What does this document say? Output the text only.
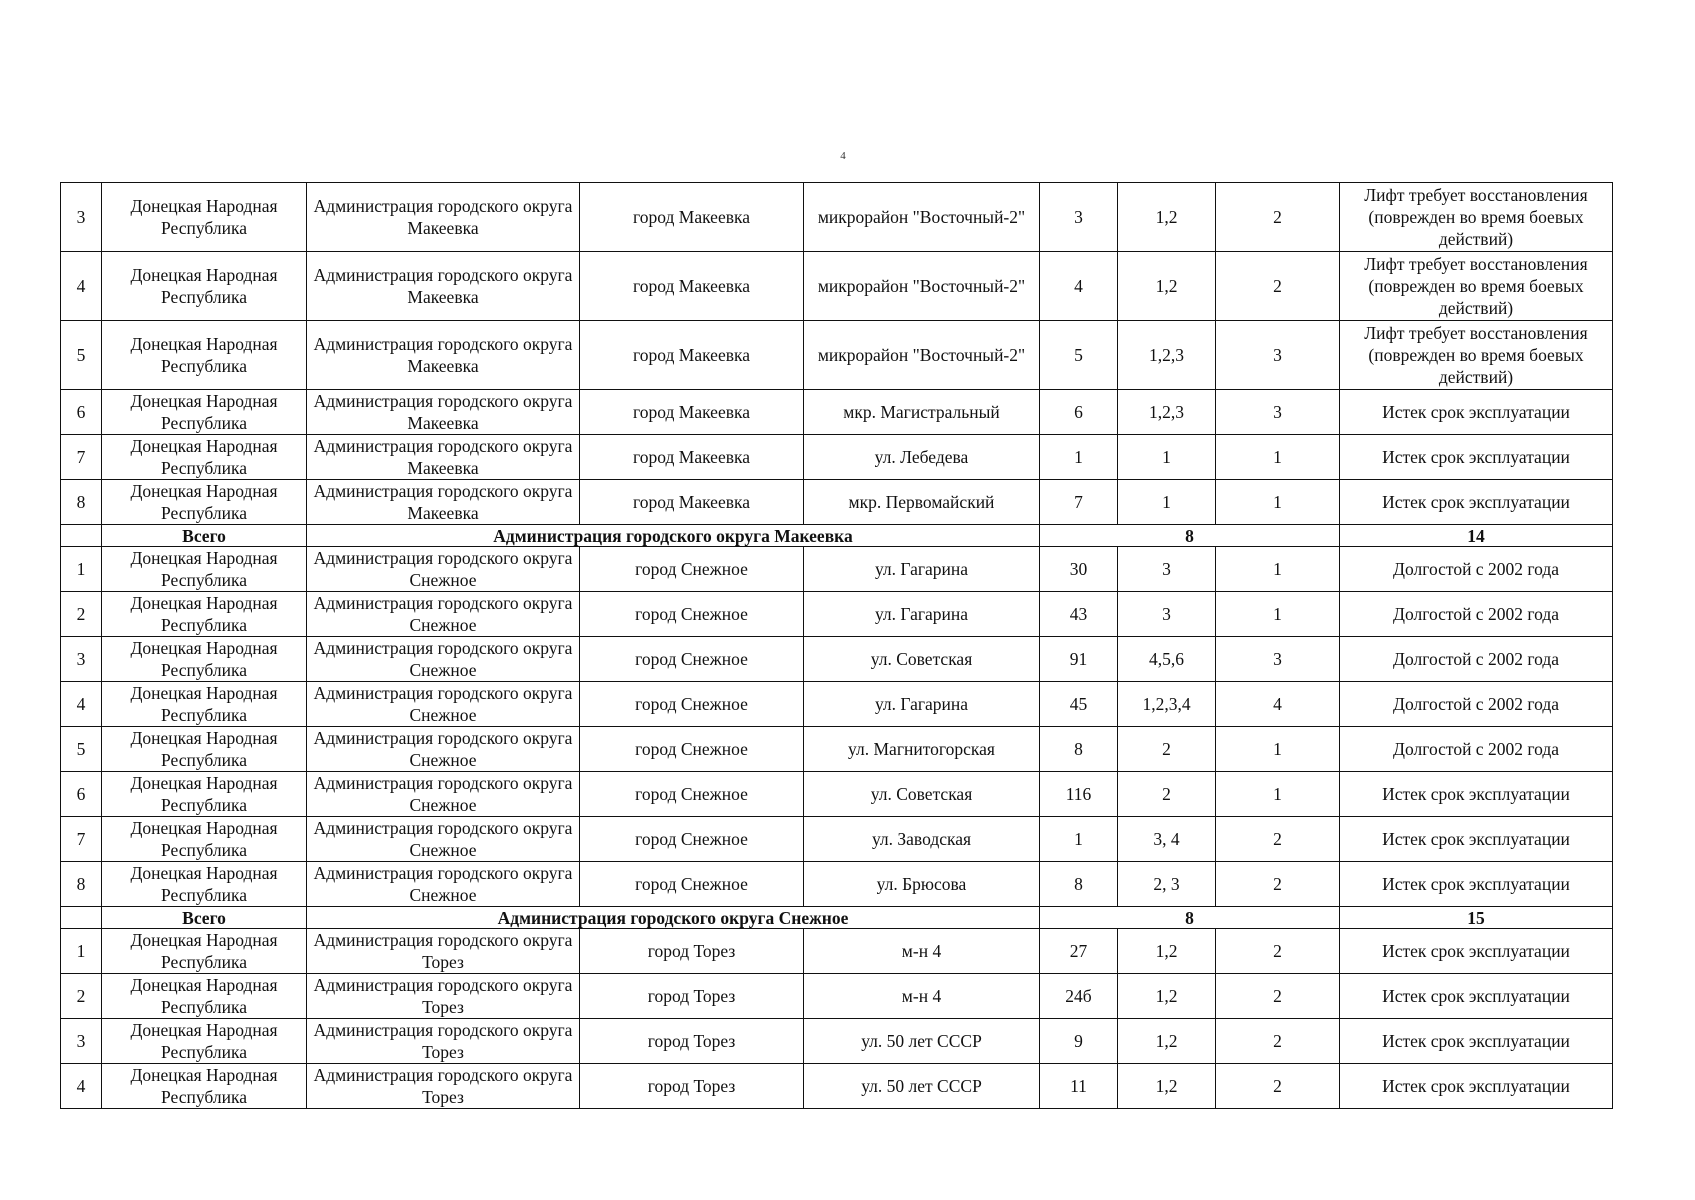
4
3	Донецкая Народная Республика	Администрация городского округа Макеевка	город Макеевка	микрорайон "Восточный-2"	3	1,2	2	Лифт требует восстановления (поврежден во время боевых действий)	
4	Донецкая Народная Республика	Администрация городского округа Макеевка	город Макеевка	микрорайон "Восточный-2"	4	1,2	2	Лифт требует восстановления (поврежден во время боевых действий)	
5	Донецкая Народная Республика	Администрация городского округа Макеевка	город Макеевка	микрорайон "Восточный-2"	5	1,2,3	3	Лифт требует восстановления (поврежден во время боевых действий)	
6	Донецкая Народная Республика	Администрация городского округа Макеевка	город Макеевка	мкр. Магистральный	6	1,2,3	3	Истек срок эксплуатации	
7	Донецкая Народная Республика	Администрация городского округа Макеевка	город Макеевка	ул. Лебедева	1	1	1	Истек срок эксплуатации	
8	Донецкая Народная Республика	Администрация городского округа Макеевка	город Макеевка	мкр. Первомайский	7	1	1	Истек срок эксплуатации	
	Всего	Администрация городского округа Макеевка			8			14	
1	Донецкая Народная Республика	Администрация городского округа Снежное	город Снежное	ул. Гагарина	30	3	1	Долгостой с 2002 года	
2	Донецкая Народная Республика	Администрация городского округа Снежное	город Снежное	ул. Гагарина	43	3	1	Долгостой с 2002 года	
3	Донецкая Народная Республика	Администрация городского округа Снежное	город Снежное	ул. Советская	91	4,5,6	3	Долгостой с 2002 года	
4	Донецкая Народная Республика	Администрация городского округа Снежное	город Снежное	ул. Гагарина	45	1,2,3,4	4	Долгостой с 2002 года	
5	Донецкая Народная Республика	Администрация городского округа Снежное	город Снежное	ул. Магнитогорская	8	2	1	Долгостой с 2002 года	
6	Донецкая Народная Республика	Администрация городского округа Снежное	город Снежное	ул. Советская	116	2	1	Истек срок эксплуатации	
7	Донецкая Народная Республика	Администрация городского округа Снежное	город Снежное	ул. Заводская	1	3, 4	2	Истек срок эксплуатации	
8	Донецкая Народная Республика	Администрация городского округа Снежное	город Снежное	ул. Брюсова	8	2, 3	2	Истек срок эксплуатации	
	Всего	Администрация городского округа Снежное			8			15	
1	Донецкая Народная Республика	Администрация городского округа Торез	город Торез	м-н 4	27	1,2	2	Истек срок эксплуатации	
2	Донецкая Народная Республика	Администрация городского округа Торез	город Торез	м-н 4	24б	1,2	2	Истек срок эксплуатации	
3	Донецкая Народная Республика	Администрация городского округа Торез	город Торез	ул. 50 лет СССР	9	1,2	2	Истек срок эксплуатации	
4	Донецкая Народная Республика	Администрация городского округа Торез	город Торез	ул. 50 лет СССР	11	1,2	2	Истек срок эксплуатации	
